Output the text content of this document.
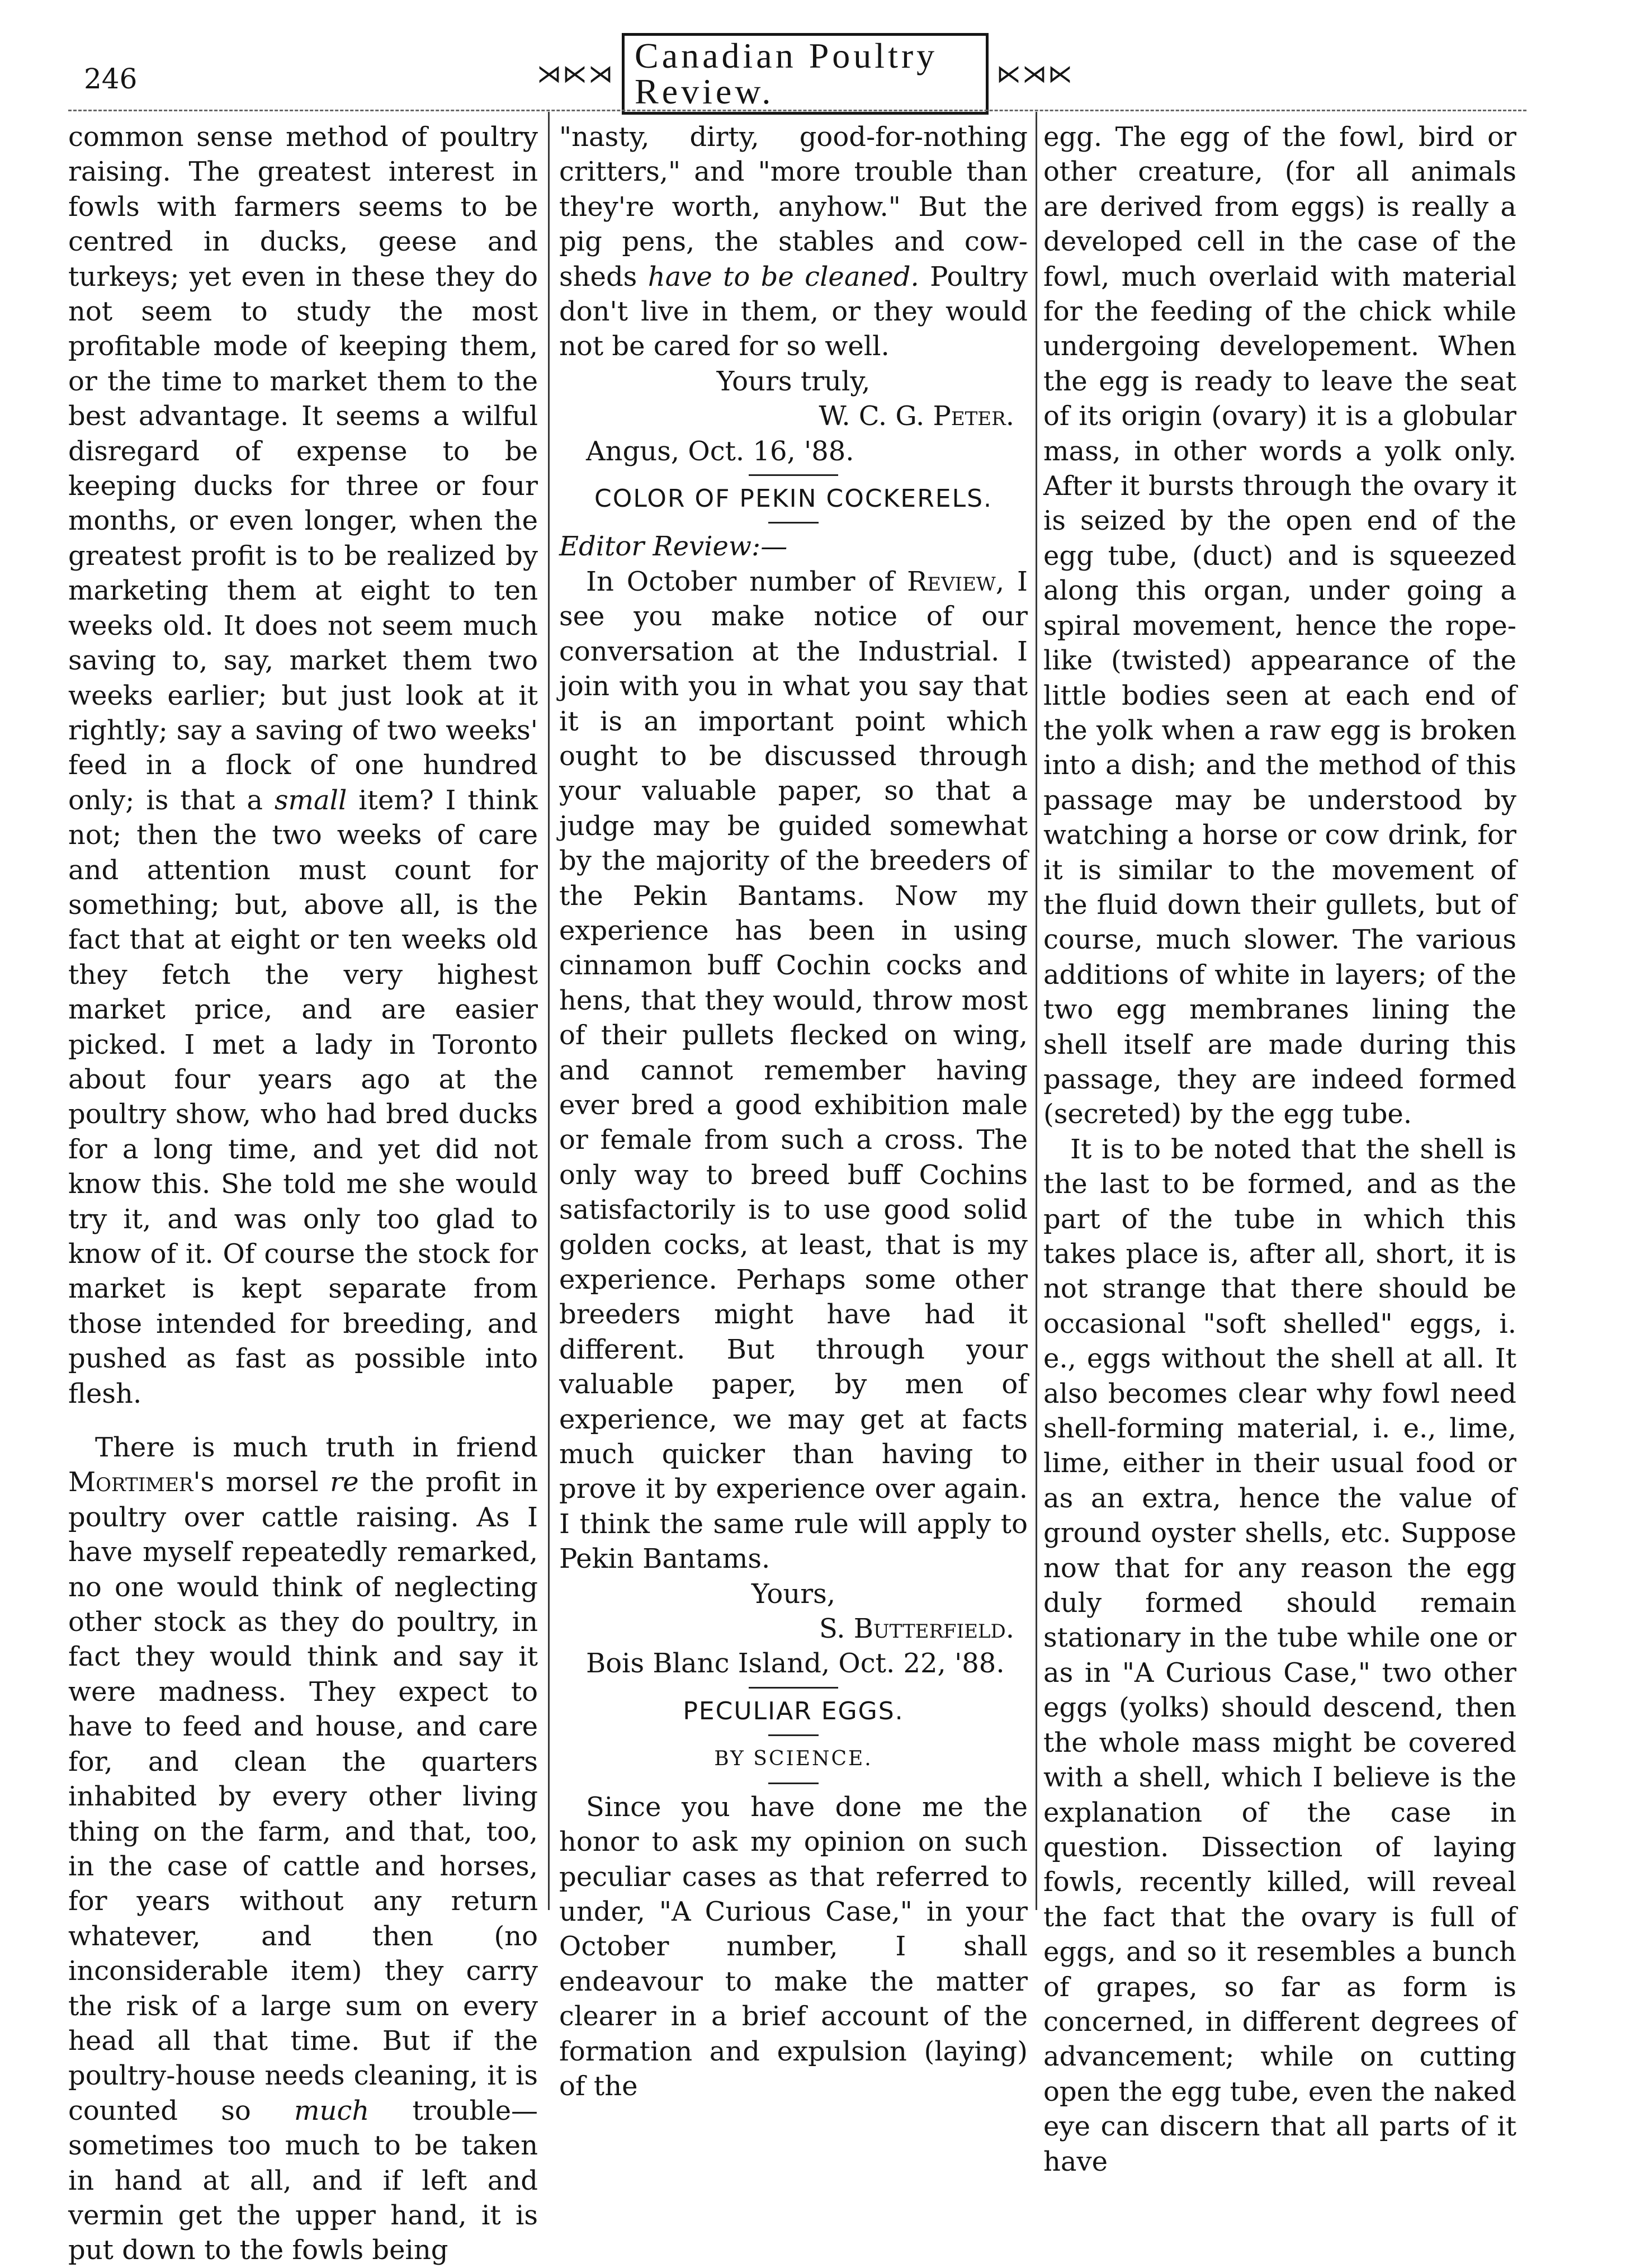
246	⋊⋉⋊ Canadian Poultry Review.	⋉⋊⋉

common sense method of poultry raising. The greatest interest in fowls with farmers seems to be centred in ducks, geese and turkeys; yet even in these they do not seem to study the most profitable mode of keeping them, or the time to market them to the best advantage. It seems a wilful disregard of expense to be keeping ducks for three or four months, or even longer, when the greatest profit is to be realized by marketing them at eight to ten weeks old. It does not seem much saving to, say, market them two weeks earlier; but just look at it rightly; say a saving of two weeks' feed in a flock of one hundred only; is that a small item? I think not; then the two weeks of care and attention must count for something; but, above all, is the fact that at eight or ten weeks old they fetch the very highest market price, and are easier picked. I met a lady in Toronto about four years ago at the poultry show, who had bred ducks for a long time, and yet did not know this. She told me she would try it, and was only too glad to know of it. Of course the stock for market is kept separate from those intended for breeding, and pushed as fast as possible into flesh.

There is much truth in friend Mortimer's morsel re the profit in poultry over cattle raising. As I have myself repeatedly remarked, no one would think of neglecting other stock as they do poultry, in fact they would think and say it were madness. They expect to have to feed and house, and care for, and clean the quarters inhabited by every other living thing on the farm, and that, too, in the case of cattle and horses, for years without any return whatever, and then (no inconsiderable item) they carry the risk of a large sum on every head all that time. But if the poultry-house needs cleaning, it is counted so much trouble—sometimes too much to be taken in hand at all, and if left and vermin get the upper hand, it is put down to the fowls being

"nasty, dirty, good-for-nothing critters," and "more trouble than they're worth, anyhow." But the pig pens, the stables and cow-sheds have to be cleaned. Poultry don't live in them, or they would not be cared for so well.

Yours truly,

W. C. G. Peter.

Angus, Oct. 16, '88.

COLOR OF PEKIN COCKERELS.

Editor Review:—

In October number of Review, I see you make notice of our conversation at the Industrial. I join with you in what you say that it is an important point which ought to be discussed through your valuable paper, so that a judge may be guided somewhat by the majority of the breeders of the Pekin Bantams. Now my experience has been in using cinnamon buff Cochin cocks and hens, that they would, throw most of their pullets flecked on wing, and cannot remember having ever bred a good exhibition male or female from such a cross. The only way to breed buff Cochins satisfactorily is to use good solid golden cocks, at least, that is my experience. Perhaps some other breeders might have had it different. But through your valuable paper, by men of experience, we may get at facts much quicker than having to prove it by experience over again. I think the same rule will apply to Pekin Bantams.

Yours,

S. Butterfield.

Bois Blanc Island, Oct. 22, '88.

PECULIAR EGGS.

BY SCIENCE.

Since you have done me the honor to ask my opinion on such peculiar cases as that referred to under, "A Curious Case," in your October number, I shall endeavour to make the matter clearer in a brief account of the formation and expulsion (laying) of the

egg. The egg of the fowl, bird or other creature, (for all animals are derived from eggs) is really a developed cell in the case of the fowl, much overlaid with material for the feeding of the chick while undergoing developement. When the egg is ready to leave the seat of its origin (ovary) it is a globular mass, in other words a yolk only. After it bursts through the ovary it is seized by the open end of the egg tube, (duct) and is squeezed along this organ, under going a spiral movement, hence the rope-like (twisted) appearance of the little bodies seen at each end of the yolk when a raw egg is broken into a dish; and the method of this passage may be understood by watching a horse or cow drink, for it is similar to the movement of the fluid down their gullets, but of course, much slower. The various additions of white in layers; of the two egg membranes lining the shell itself are made during this passage, they are indeed formed (secreted) by the egg tube.

It is to be noted that the shell is the last to be formed, and as the part of the tube in which this takes place is, after all, short, it is not strange that there should be occasional "soft shelled" eggs, i. e., eggs without the shell at all. It also becomes clear why fowl need shell-forming material, i. e., lime, lime, either in their usual food or as an extra, hence the value of ground oyster shells, etc. Suppose now that for any reason the egg duly formed should remain stationary in the tube while one or as in "A Curious Case," two other eggs (yolks) should descend, then the whole mass might be covered with a shell, which I believe is the explanation of the case in question. Dissection of laying fowls, recently killed, will reveal the fact that the ovary is full of eggs, and so it resembles a bunch of grapes, so far as form is concerned, in different degrees of advancement; while on cutting open the egg tube, even the naked eye can discern that all parts of it have
